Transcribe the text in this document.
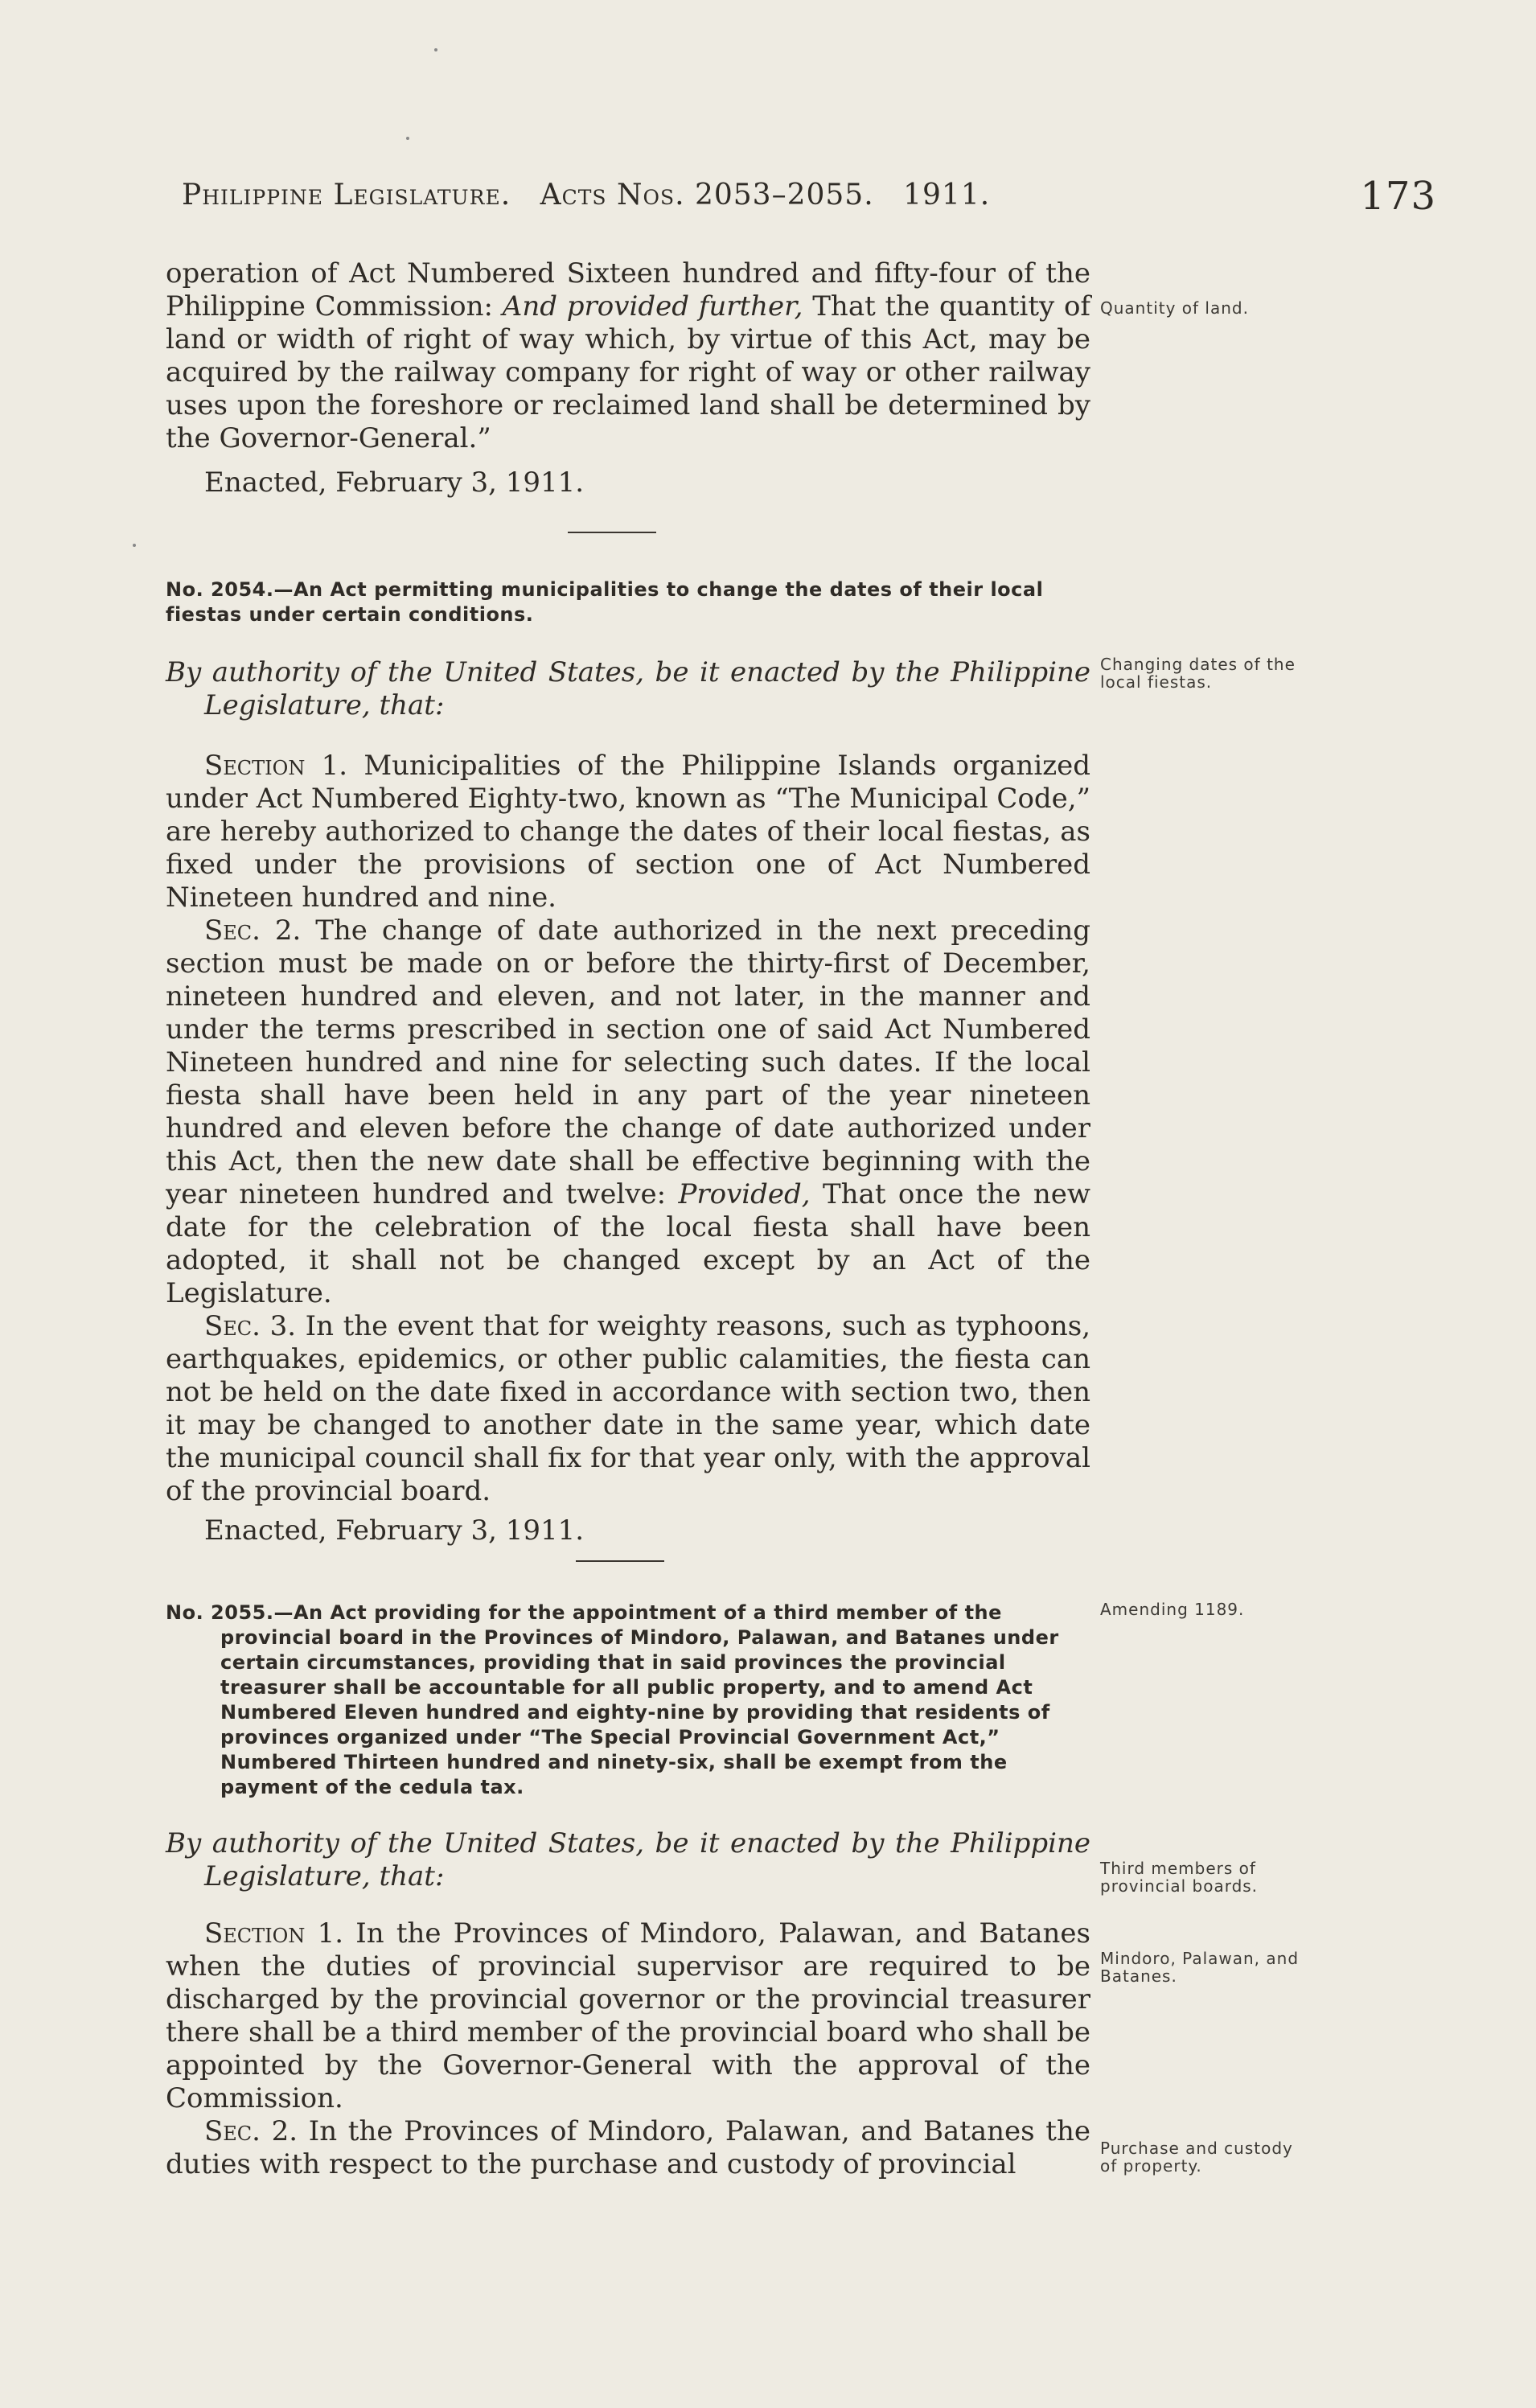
Philippine Legislature. Acts Nos. 2053–2055. 1911.	173

operation of Act Numbered Sixteen hundred and fifty-four of the Philippine Commission: And provided further, That the quantity of land or width of right of way which, by virtue of this Act, may be acquired by the railway company for right of way or other railway uses upon the foreshore or reclaimed land shall be determined by the Governor-General.”

Enacted, February 3, 1911.

Quantity of land.
No. 2054.—An Act permitting municipalities to change the dates of their local fiestas under certain conditions.

By authority of the United States, be it enacted by the Philippine Legislature, that:

Section 1. Municipalities of the Philippine Islands organized under Act Numbered Eighty-two, known as “The Municipal Code,” are hereby authorized to change the dates of their local fiestas, as fixed under the provisions of section one of Act Numbered Nineteen hundred and nine.

Sec. 2. The change of date authorized in the next preceding section must be made on or before the thirty-first of December, nineteen hundred and eleven, and not later, in the manner and under the terms prescribed in section one of said Act Numbered Nineteen hundred and nine for selecting such dates. If the local fiesta shall have been held in any part of the year nineteen hundred and eleven before the change of date authorized under this Act, then the new date shall be effective beginning with the year nineteen hundred and twelve: Provided, That once the new date for the celebration of the local fiesta shall have been adopted, it shall not be changed except by an Act of the Legislature.

Sec. 3. In the event that for weighty reasons, such as typhoons, earthquakes, epidemics, or other public calamities, the fiesta can not be held on the date fixed in accordance with section two, then it may be changed to another date in the same year, which date the municipal council shall fix for that year only, with the approval of the provincial board.

Enacted, February 3, 1911.

Changing dates of the local fiestas.
No. 2055.—An Act providing for the appointment of a third member of the provincial board in the Provinces of Mindoro, Palawan, and Batanes under certain circumstances, providing that in said provinces the provincial treasurer shall be accountable for all public property, and to amend Act Numbered Eleven hundred and eighty-nine by providing that residents of provinces organized under “The Special Provincial Government Act,” Numbered Thirteen hundred and ninety-six, shall be exempt from the payment of the cedula tax.

By authority of the United States, be it enacted by the Philippine Legislature, that:

Section 1. In the Provinces of Mindoro, Palawan, and Batanes when the duties of provincial supervisor are required to be discharged by the provincial governor or the provincial treasurer there shall be a third member of the provincial board who shall be appointed by the Governor-General with the approval of the Commission.

Sec. 2. In the Provinces of Mindoro, Palawan, and Batanes the duties with respect to the purchase and custody of provincial

Amending 1189.
Third members of provincial boards.
Mindoro, Palawan, and Batanes.
Purchase and custody of property.
